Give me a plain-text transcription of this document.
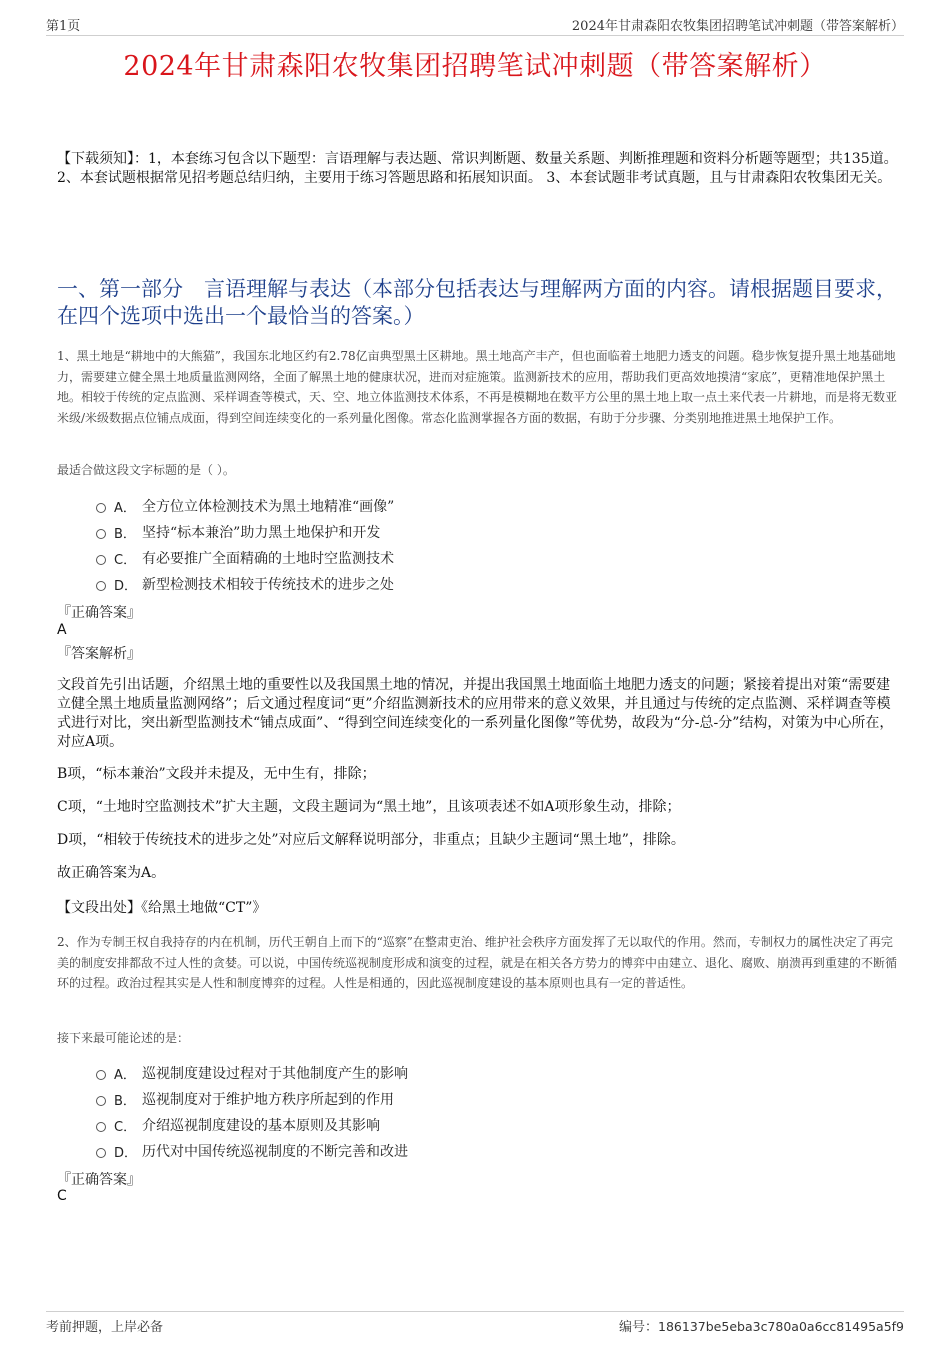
第1页	2024年甘肃森阳农牧集团招聘笔试冲刺题（带答案解析）
2024年甘肃森阳农牧集团招聘笔试冲刺题（带答案解析）
【下载须知】：1，本套练习包含以下题型：言语理解与表达题、常识判断题、数量关系题、判断推理题和资料分析题等题型；共135道。 2、本套试题根据常见招考题总结归纳，主要用于练习答题思路和拓展知识面。 3、本套试题非考试真题，且与甘肃森阳农牧集团无关。
一、第一部分　言语理解与表达（本部分包括表达与理解两方面的内容。请根据题目要求，在四个选项中选出一个最恰当的答案。）
1、黑土地是“耕地中的大熊猫”，我国东北地区约有2.78亿亩典型黑土区耕地。黑土地高产丰产，但也面临着土地肥力透支的问题。稳步恢复提升黑土地基础地力，需要建立健全黑土地质量监测网络，全面了解黑土地的健康状况，进而对症施策。监测新技术的应用，帮助我们更高效地摸清“家底”，更精准地保护黑土地。相较于传统的定点监测、采样调查等模式，天、空、地立体监测技术体系，不再是模糊地在数平方公里的黑土地上取一点土来代表一片耕地，而是将无数亚米级/米级数据点位铺点成面，得到空间连续变化的一系列量化图像。常态化监测掌握各方面的数据，有助于分步骤、分类别地推进黑土地保护工作。
最适合做这段文字标题的是（ ）。
A． 全方位立体检测技术为黑土地精准“画像”
B． 坚持“标本兼治”助力黑土地保护和开发
C． 有必要推广全面精确的土地时空监测技术
D． 新型检测技术相较于传统技术的进步之处
『正确答案』
A
『答案解析』
文段首先引出话题，介绍黑土地的重要性以及我国黑土地的情况，并提出我国黑土地面临土地肥力透支的问题；紧接着提出对策“需要建立健全黑土地质量监测网络”；后文通过程度词“更”介绍监测新技术的应用带来的意义效果，并且通过与传统的定点监测、采样调查等模式进行对比，突出新型监测技术“铺点成面”、“得到空间连续变化的一系列量化图像”等优势，故段为“分-总-分”结构，对策为中心所在，对应A项。
B项，“标本兼治”文段并未提及，无中生有，排除；
C项，“土地时空监测技术”扩大主题，文段主题词为“黑土地”，且该项表述不如A项形象生动，排除；
D项，“相较于传统技术的进步之处”对应后文解释说明部分，非重点；且缺少主题词“黑土地”，排除。
故正确答案为A。
【文段出处】《给黑土地做“CT”》
2、作为专制王权自我持存的内在机制，历代王朝自上而下的“巡察”在整肃吏治、维护社会秩序方面发挥了无以取代的作用。然而，专制权力的属性决定了再完美的制度安排都敌不过人性的贪婪。可以说，中国传统巡视制度形成和演变的过程，就是在相关各方势力的博弈中由建立、退化、腐败、崩溃再到重建的不断循环的过程。政治过程其实是人性和制度博弈的过程。人性是相通的，因此巡视制度建设的基本原则也具有一定的普适性。
接下来最可能论述的是：
A． 巡视制度建设过程对于其他制度产生的影响
B． 巡视制度对于维护地方秩序所起到的作用
C． 介绍巡视制度建设的基本原则及其影响
D． 历代对中国传统巡视制度的不断完善和改进
『正确答案』
C
考前押题，上岸必备	编号：186137be5eba3c780a0a6cc81495a5f9
